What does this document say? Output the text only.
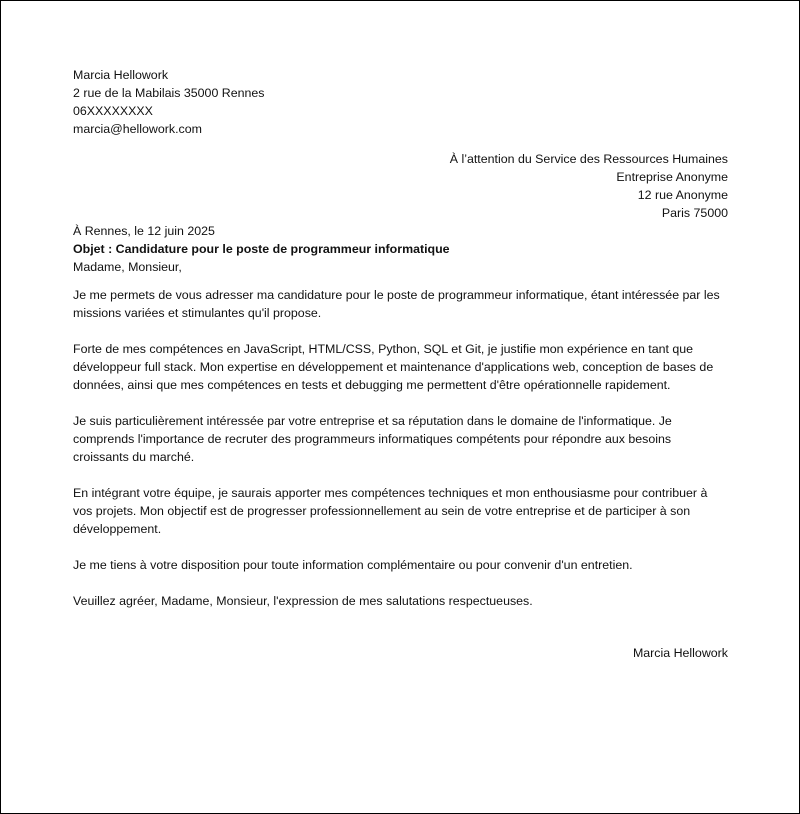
Marcia Hellowork

2 rue de la Mabilais 35000 Rennes

06XXXXXXXX

marcia@hellowork.com

À l’attention du Service des Ressources Humaines

Entreprise Anonyme

12 rue Anonyme

Paris 75000

À Rennes, le 12 juin 2025

Objet : Candidature pour le poste de programmeur informatique

Madame, Monsieur,

Je me permets de vous adresser ma candidature pour le poste de programmeur informatique, étant intéressée par les missions variées et stimulantes qu'il propose.

Forte de mes compétences en JavaScript, HTML/CSS, Python, SQL et Git, je justifie mon expérience en tant que développeur full stack. Mon expertise en développement et maintenance d'applications web, conception de bases de données, ainsi que mes compétences en tests et debugging me permettent d'être opérationnelle rapidement.

Je suis particulièrement intéressée par votre entreprise et sa réputation dans le domaine de l'informatique. Je comprends l'importance de recruter des programmeurs informatiques compétents pour répondre aux besoins croissants du marché.

En intégrant votre équipe, je saurais apporter mes compétences techniques et mon enthousiasme pour contribuer à vos projets. Mon objectif est de progresser professionnellement au sein de votre entreprise et de participer à son développement.

Je me tiens à votre disposition pour toute information complémentaire ou pour convenir d'un entretien.

Veuillez agréer, Madame, Monsieur, l'expression de mes salutations respectueuses.

Marcia Hellowork
